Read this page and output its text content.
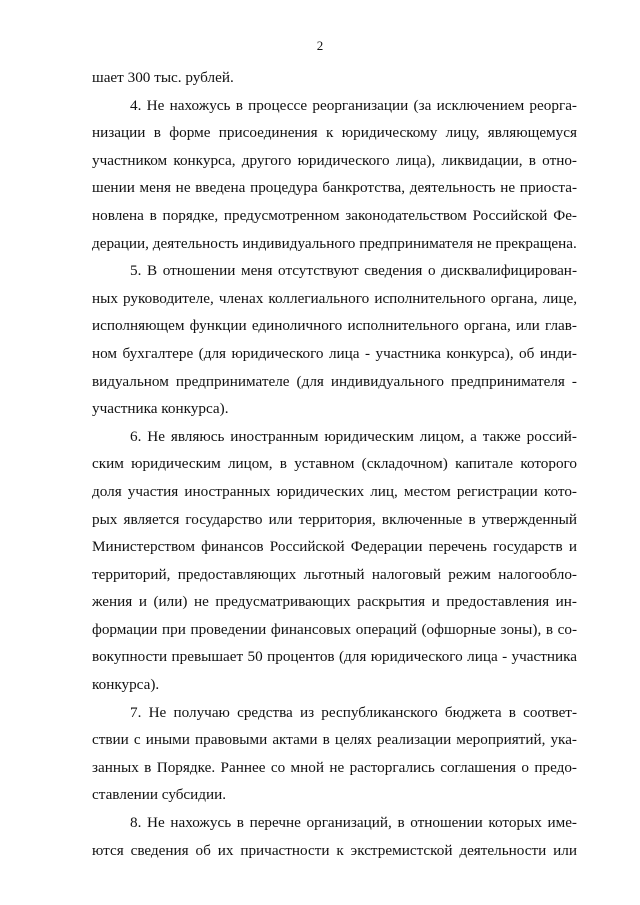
2
шает 300 тыс. рублей.
4. Не нахожусь в процессе реорганизации (за исключением реорга-
низации в форме присоединения к юридическому лицу, являющемуся
участником конкурса, другого юридического лица), ликвидации, в отно-
шении меня не введена процедура банкротства, деятельность не приоста-
новлена в порядке, предусмотренном законодательством Российской Фе-
дерации, деятельность индивидуального предпринимателя не прекращена.
5. В отношении меня отсутствуют сведения о дисквалифицирован-
ных руководителе, членах коллегиального исполнительного органа, лице,
исполняющем функции единоличного исполнительного органа, или глав-
ном бухгалтере (для юридического лица - участника конкурса), об инди-
видуальном предпринимателе (для индивидуального предпринимателя -
участника конкурса).
6. Не являюсь иностранным юридическим лицом, а также россий-
ским юридическим лицом, в уставном (складочном) капитале которого
доля участия иностранных юридических лиц, местом регистрации кото-
рых является государство или территория, включенные в утвержденный
Министерством финансов Российской Федерации перечень государств и
территорий, предоставляющих льготный налоговый режим налогообло-
жения и (или) не предусматривающих раскрытия и предоставления ин-
формации при проведении финансовых операций (офшорные зоны), в со-
вокупности превышает 50 процентов (для юридического лица - участника
конкурса).
7. Не получаю средства из республиканского бюджета в соответ-
ствии с иными правовыми актами в целях реализации мероприятий, ука-
занных в Порядке. Раннее со мной не расторгались соглашения о предо-
ставлении субсидии.
8. Не нахожусь в перечне организаций, в отношении которых име-
ются сведения об их причастности к экстремистской деятельности или
